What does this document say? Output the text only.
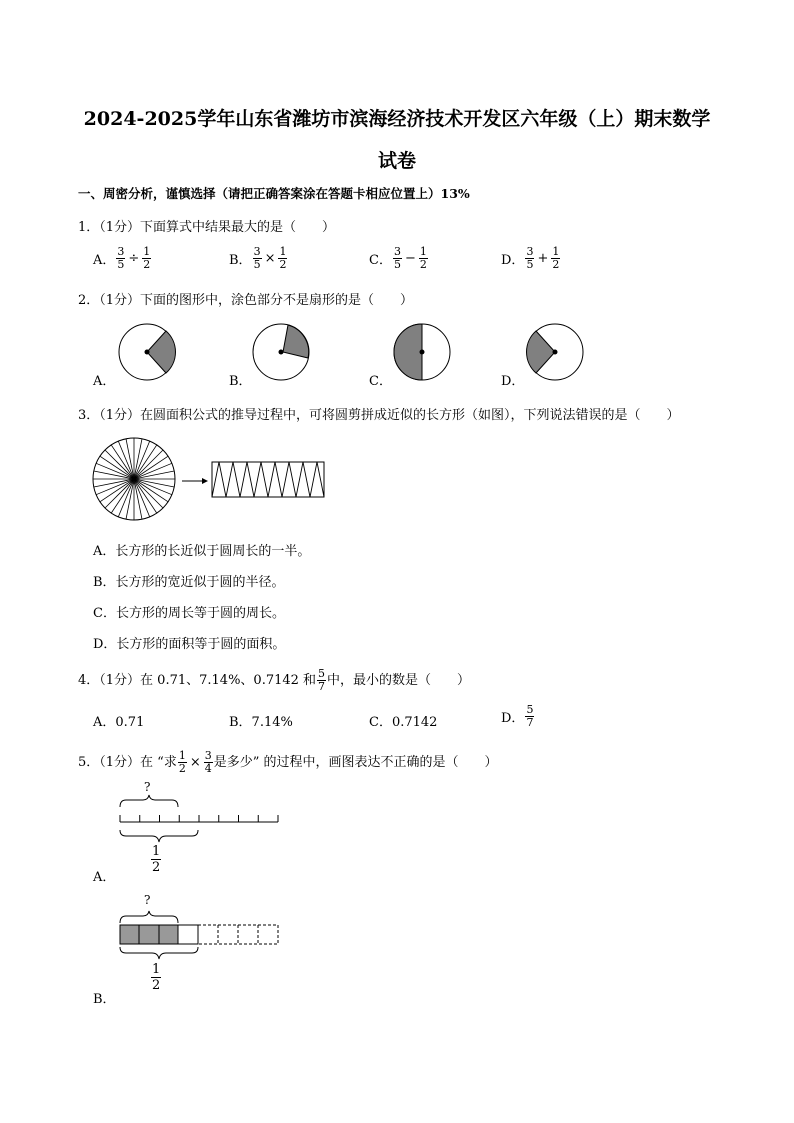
2024-2025学年山东省潍坊市滨海经济技术开发区六年级（上）期末数学
试卷
一、周密分析，谨慎选择（请把正确答案涂在答题卡相应位置上）13%
1．（1分）下面算式中结果最大的是（　　）
A． $\frac{3}{5} \div \frac{1}{2}$	B． $\frac{3}{5} \times \frac{1}{2}$	C． $\frac{3}{5} - \frac{1}{2}$	D． $\frac{3}{5} + \frac{1}{2}$
2．（1分）下面的图形中，涂色部分不是扇形的是（　　）
A．	B．	C．	D．
3．（1分）在圆面积公式的推导过程中，可将圆剪拼成近似的长方形（如图），下列说法错误的是（　　）
A．长方形的长近似于圆周长的一半。
B．长方形的宽近似于圆的半径。
C．长方形的周长等于圆的周长。
D．长方形的面积等于圆的面积。
4．（1分）在 0.71、7.14%、0.7142 和 $\frac{5}{7}$ 中，最小的数是（　　）
A．0.71	B．7.14%	C．0.7142	D． $\frac{5}{7}$
5．（1分）在 “求 $\frac{1}{2} \times \frac{3}{4}$ 是多少” 的过程中，画图表达不正确的是（　　）
?
$\frac{1}{2}$
A．
?
$\frac{1}{2}$
B．
